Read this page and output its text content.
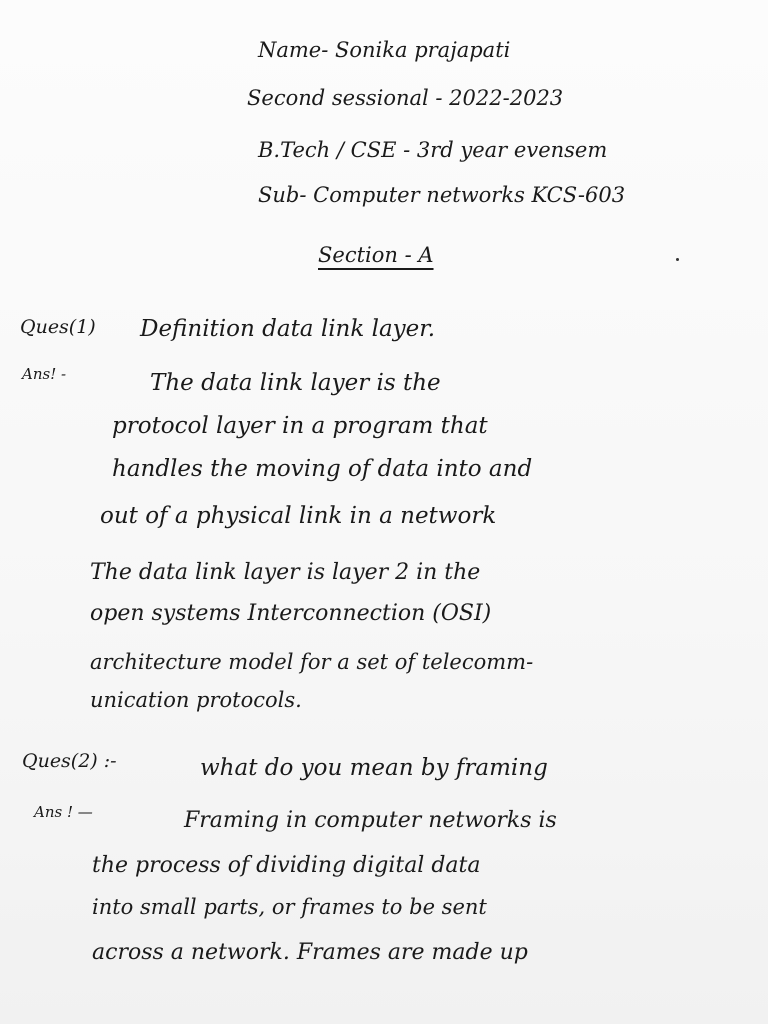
Name- Sonika prajapati
Second sessional - 2022-2023
B.Tech / CSE - 3rd year evensem
Sub- Computer networks KCS-603
Section - A
Ques(1) Definition data link layer.
Ans! -	The data link layer is the
protocol layer in a program that
handles the moving of data into and
out of a physical link in a network
The data link layer is layer 2 in the
open systems Interconnection (OSI)
architecture model for a set of telecomm-
unication protocols.
Ques(2) :-	what do you mean by framing
Ans ! —	Framing in computer networks is
the process of dividing digital data
into small parts, or frames to be sent
across a network. Frames are made up
